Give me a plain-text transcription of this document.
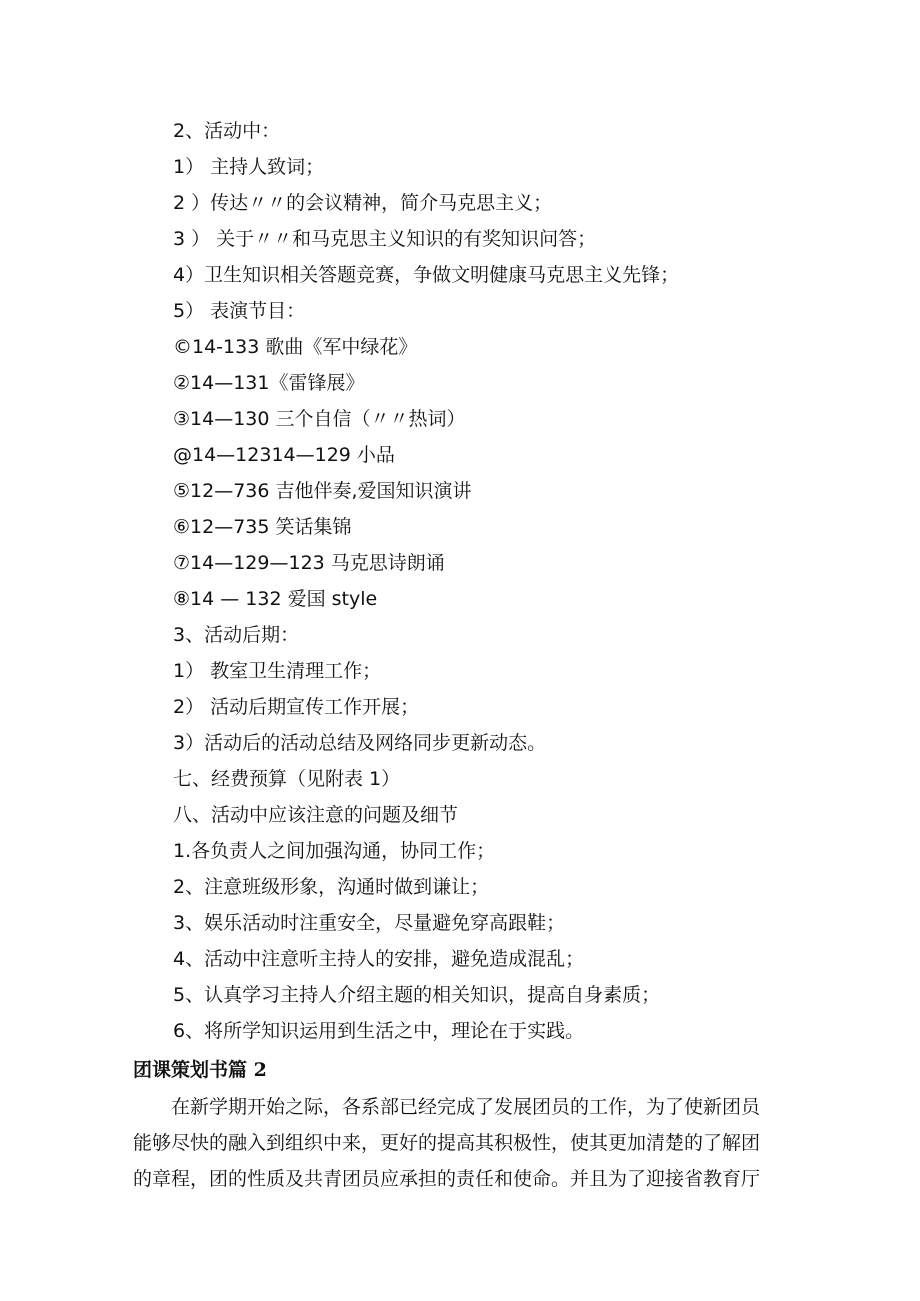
2、活动中：
1） 主持人致词；
2 ）传达〃〃的会议精神，简介马克思主义；
3 ） 关于〃〃和马克思主义知识的有奖知识问答；
4）卫生知识相关答题竞赛，争做文明健康马克思主义先锋；
5） 表演节目：
©14-133 歌曲《军中绿花》
②14—131《雷锋展》
③14—130 三个自信（〃〃热词）
@14—12314—129 小品
⑤12—736 吉他伴奏,爱国知识演讲
⑥12—735 笑话集锦
⑦14—129—123 马克思诗朗诵
⑧14 — 132 爱国 style
3、活动后期：
1） 教室卫生清理工作；
2） 活动后期宣传工作开展；
3）活动后的活动总结及网络同步更新动态。
七、经费预算（见附表 1）
八、活动中应该注意的问题及细节
1.各负责人之间加强沟通，协同工作；
2、注意班级形象，沟通时做到谦让；
3、娱乐活动时注重安全，尽量避免穿高跟鞋；
4、活动中注意听主持人的安排，避免造成混乱；
5、认真学习主持人介绍主题的相关知识，提高自身素质；
6、将所学知识运用到生活之中，理论在于实践。
团课策划书篇 2
　　在新学期开始之际，各系部已经完成了发展团员的工作，为了使新团员
能够尽快的融入到组织中来，更好的提高其积极性，使其更加清楚的了解团
的章程，团的性质及共青团员应承担的责任和使命。并且为了迎接省教育厅
